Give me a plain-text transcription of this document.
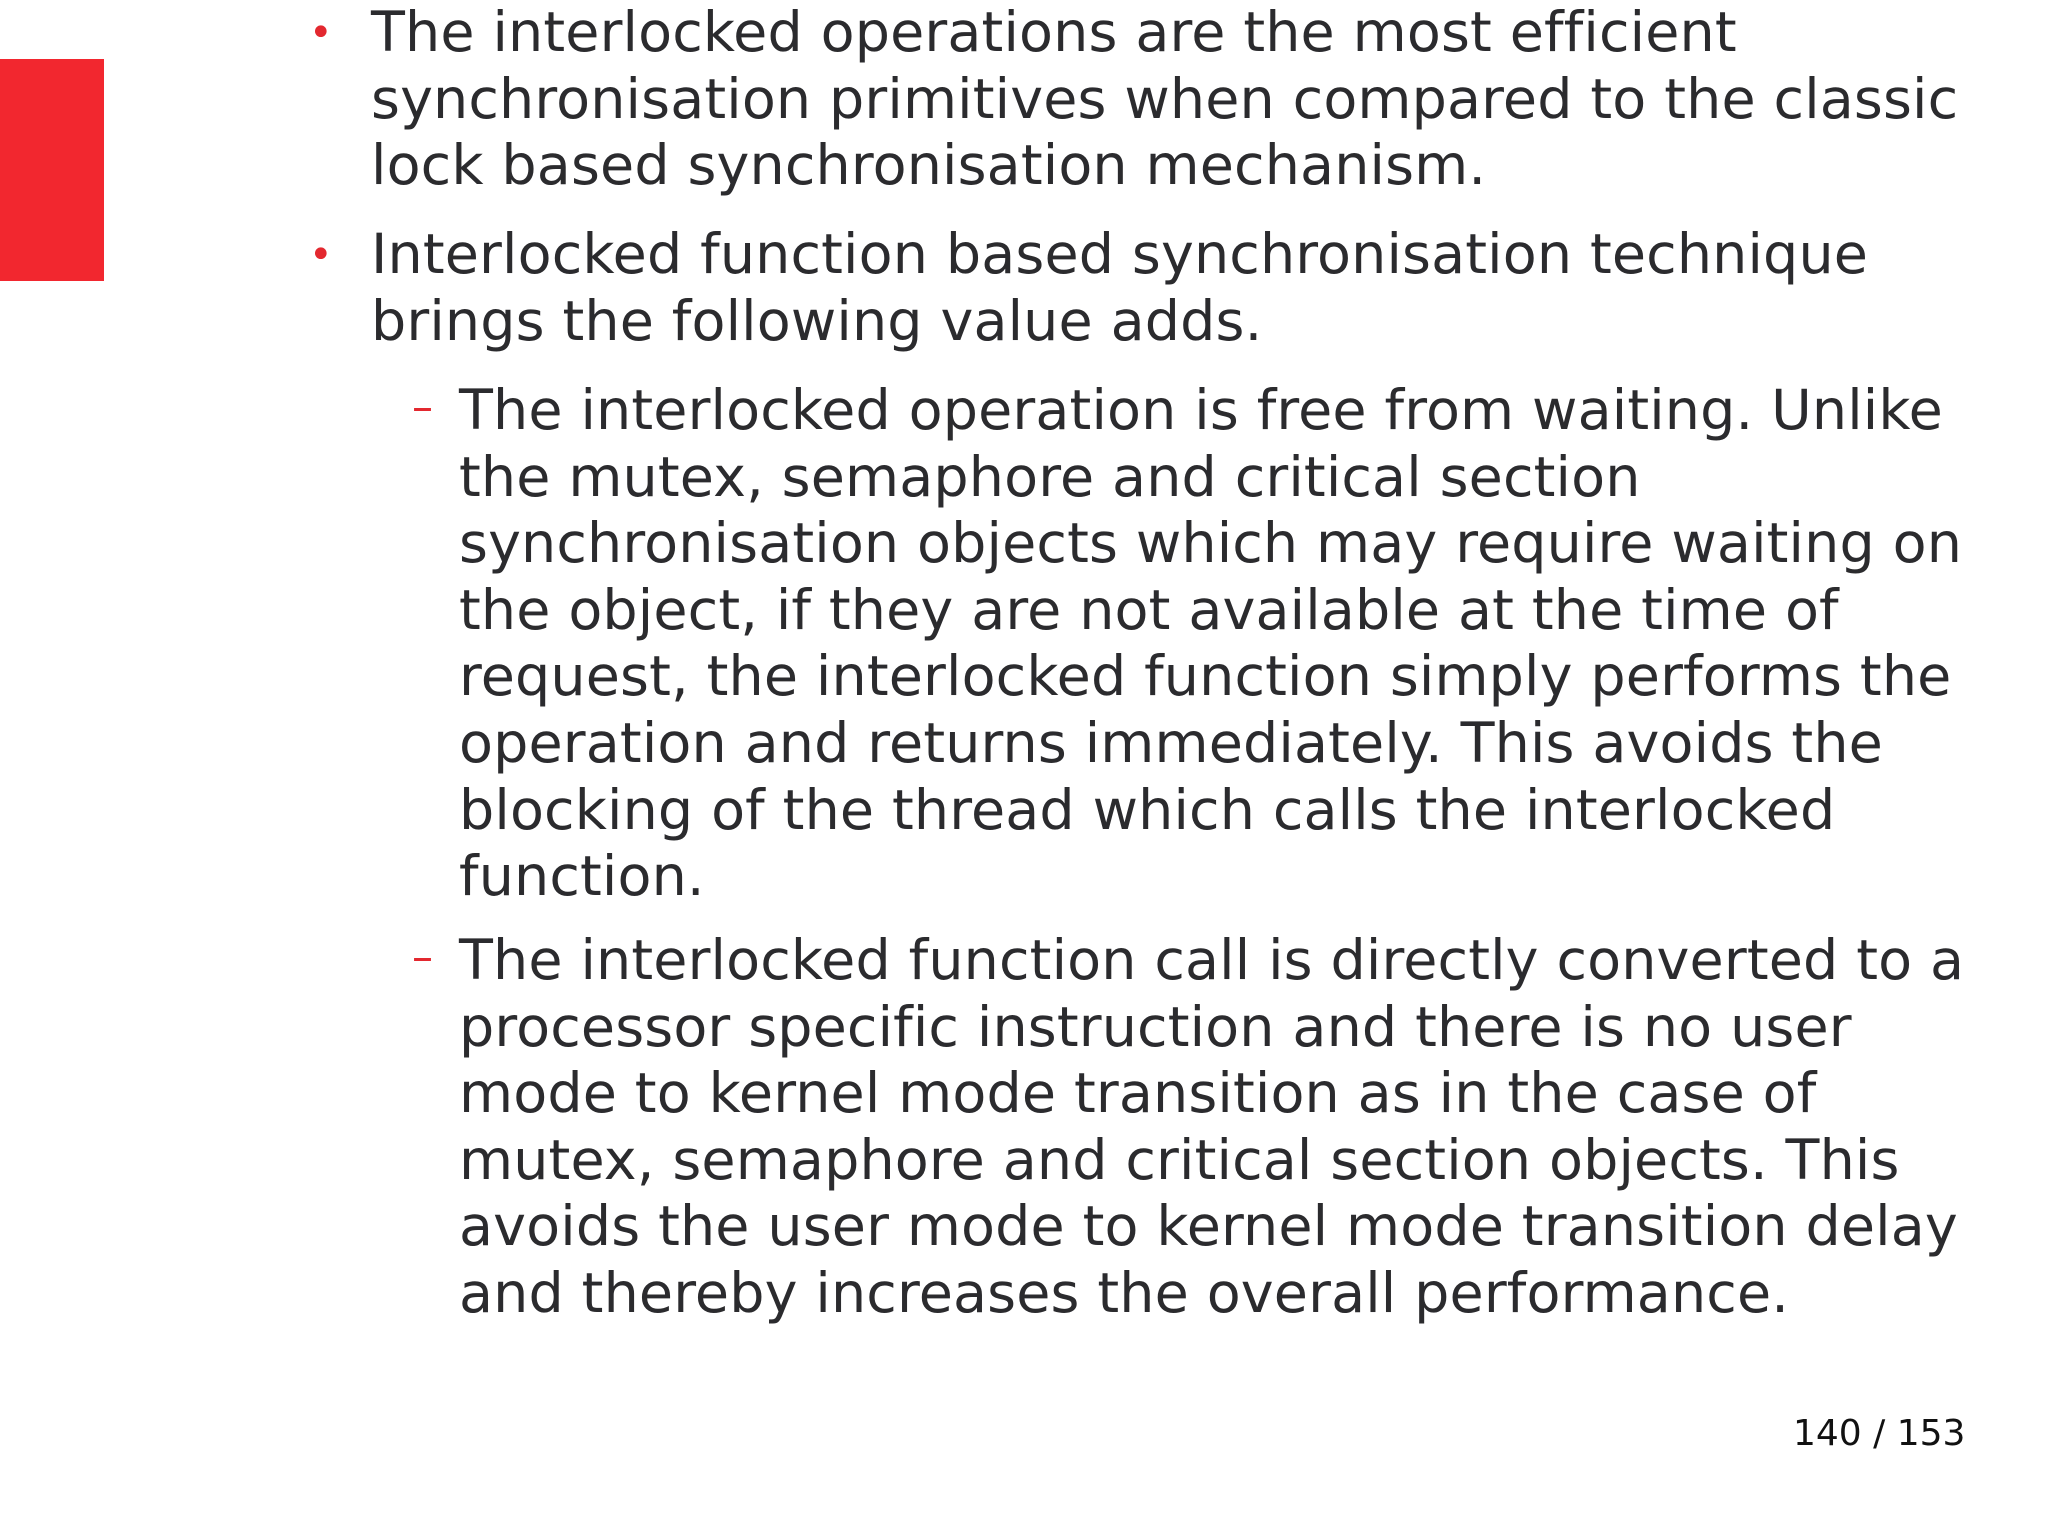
• The interlocked operations are the most efficient
synchronisation primitives when compared to the classic
lock based synchronisation mechanism.
• Interlocked function based synchronisation technique
brings the following value adds.
– The interlocked operation is free from waiting. Unlike
the mutex, semaphore and critical section
synchronisation objects which may require waiting on
the object, if they are not available at the time of
request, the interlocked function simply performs the
operation and returns immediately. This avoids the
blocking of the thread which calls the interlocked
function.
– The interlocked function call is directly converted to a
processor specific instruction and there is no user
mode to kernel mode transition as in the case of
mutex, semaphore and critical section objects. This
avoids the user mode to kernel mode transition delay
and thereby increases the overall performance.
140 / 153
